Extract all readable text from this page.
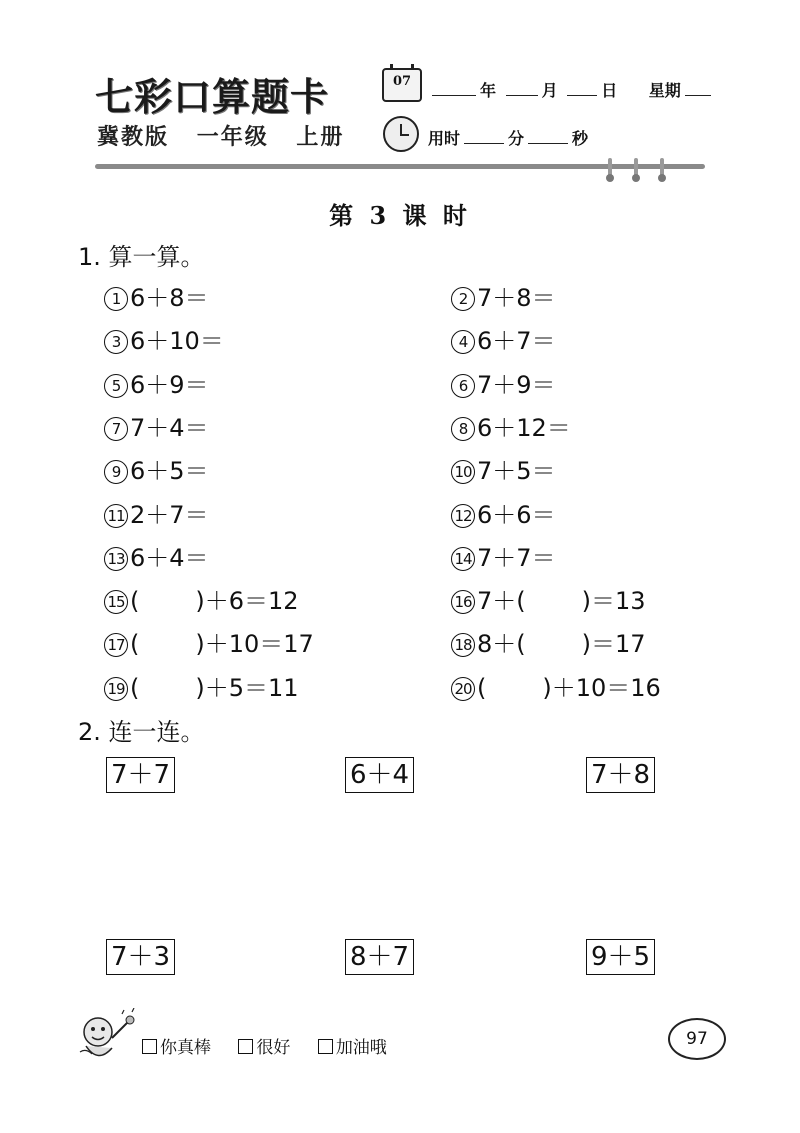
七彩口算题卡
冀教版 一年级 上册
07	年	月	日 星期
用时	分	秒
第 3 课 时
1. 算一算。
1 6＋8＝	2 7＋8＝
3 6＋10＝	4 6＋7＝
5 6＋9＝	6 7＋9＝
7 7＋4＝	8 6＋12＝
9 6＋5＝	10 7＋5＝
11 2＋7＝	12 6＋6＝
13 6＋4＝	14 7＋7＝
15 ( )＋6＝12	16 7＋( )＝13
17 ( )＋10＝17	18 8＋( )＝17
19 ( )＋5＝11	20 ( )＋10＝16
2. 连一连。
7＋7	6＋4	7＋8
7＋3	8＋7	9＋5
你真棒	很好	加油哦	97
